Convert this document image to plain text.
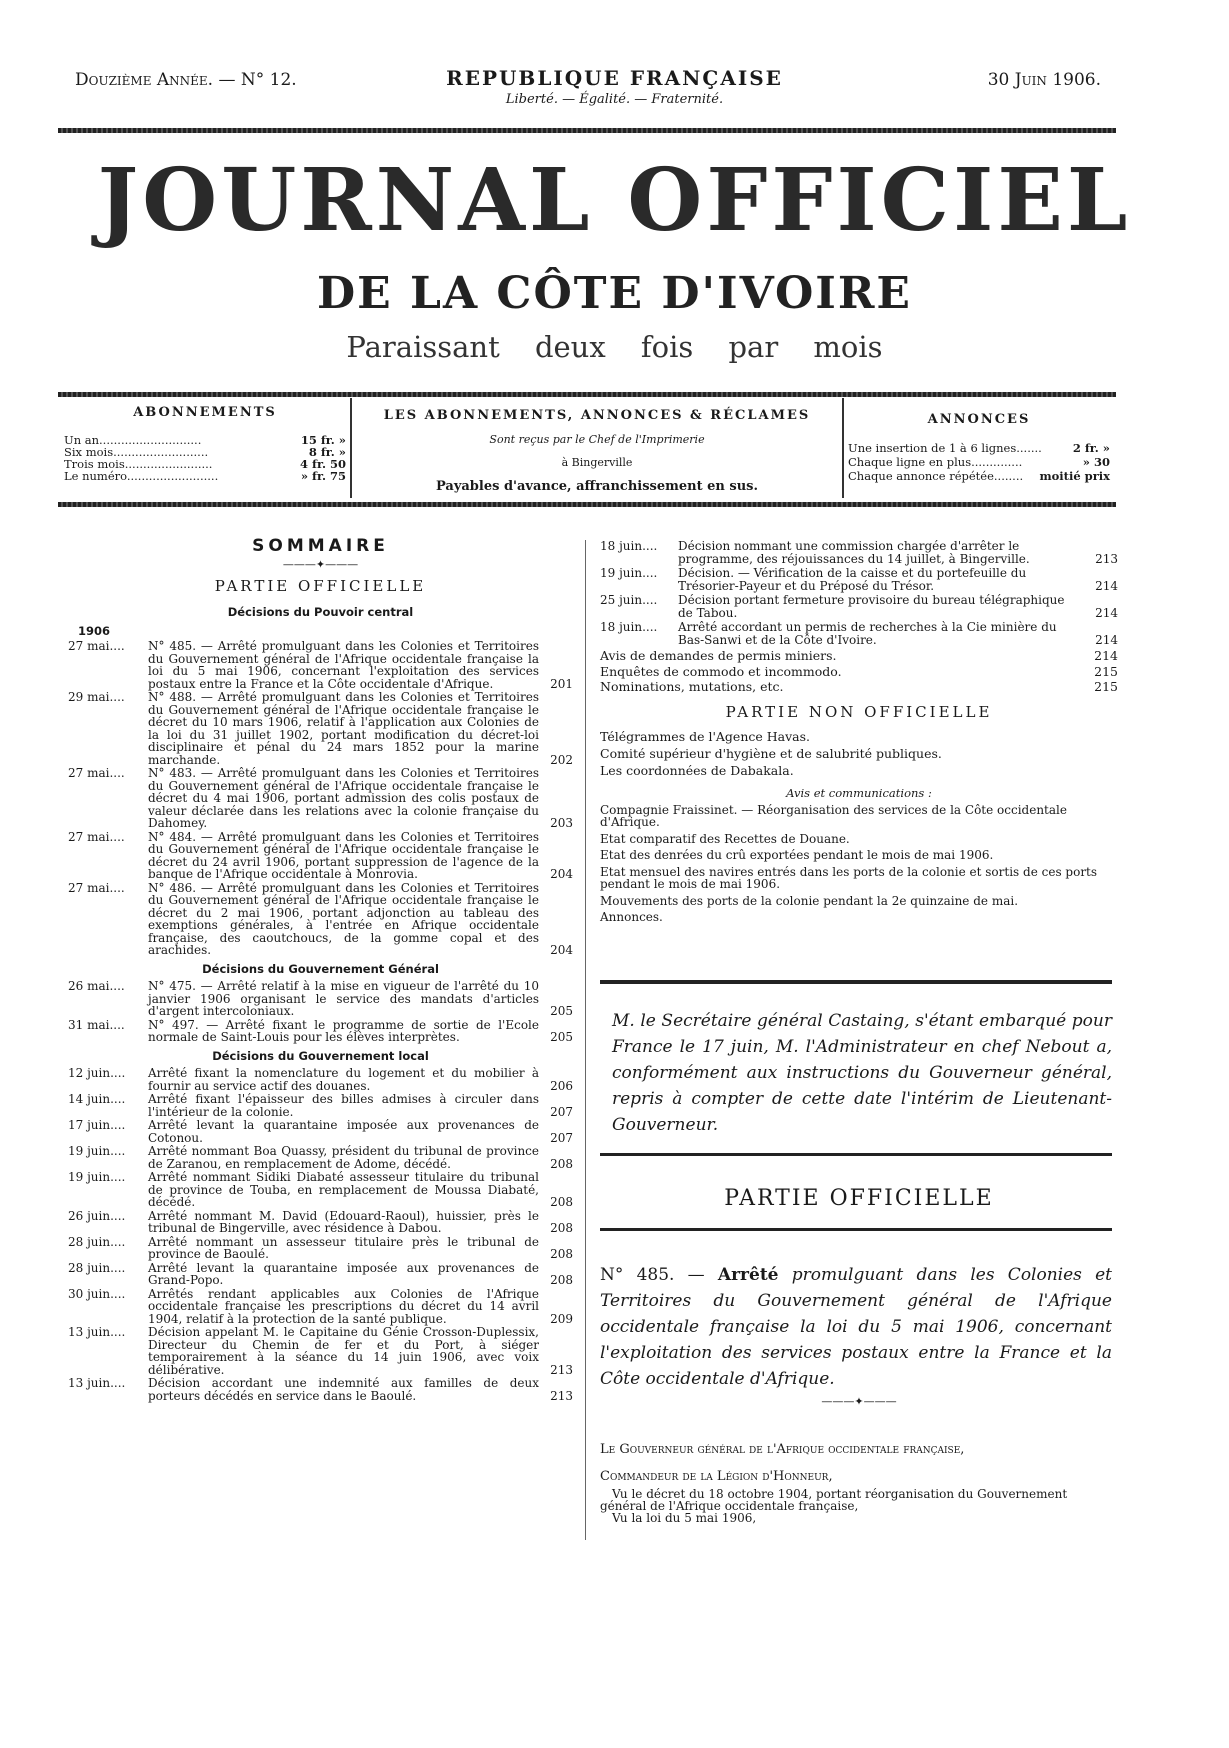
Douzième Année. — N° 12.	REPUBLIQUE FRANÇAISE
Liberté. — Égalité. — Fraternité.
30 Juin 1906.
JOURNAL OFFICIEL
DE LA CÔTE D'IVOIRE
Paraissant deux fois par mois
ABONNEMENTS
Un an............................	15 fr. »
Six mois..........................	8 fr. »
Trois mois........................	4 fr. 50
Le numéro.........................	» fr. 75
LES ABONNEMENTS, ANNONCES & RÉCLAMES
Sont reçus par le Chef de l'Imprimerie
à Bingerville
Payables d'avance, affranchissement en sus.
ANNONCES
Une insertion de 1 à 6 lignes.......	2 fr. »
Chaque ligne en plus..............	» 30
Chaque annonce répétée........ moitié prix
SOMMAIRE
———✦———
PARTIE OFFICIELLE
Décisions du Pouvoir central
1906
27 mai....	N° 485. — Arrêté promulguant dans les Colonies et Territoires du Gouvernement général de l'Afrique occidentale française la loi du 5 mai 1906, concernant l'exploitation des services postaux entre la France et la Côte occidentale d'Afrique.	201
29 mai....	N° 488. — Arrêté promulguant dans les Colonies et Territoires du Gouvernement général de l'Afrique occidentale française le décret du 10 mars 1906, relatif à l'application aux Colonies de la loi du 31 juillet 1902, portant modification du décret-loi disciplinaire et pénal du 24 mars 1852 pour la marine marchande.	202
27 mai....	N° 483. — Arrêté promulguant dans les Colonies et Territoires du Gouvernement général de l'Afrique occidentale française le décret du 4 mai 1906, portant admission des colis postaux de valeur déclarée dans les relations avec la colonie française du Dahomey.	203
27 mai....	N° 484. — Arrêté promulguant dans les Colonies et Territoires du Gouvernement général de l'Afrique occidentale française le décret du 24 avril 1906, portant suppression de l'agence de la banque de l'Afrique occidentale à Monrovia.	204
27 mai....	N° 486. — Arrêté promulguant dans les Colonies et Territoires du Gouvernement général de l'Afrique occidentale française le décret du 2 mai 1906, portant adjonction au tableau des exemptions générales, à l'entrée en Afrique occidentale française, des caoutchoucs, de la gomme copal et des arachides.	204
Décisions du Gouvernement Général
26 mai....	N° 475. — Arrêté relatif à la mise en vigueur de l'arrêté du 10 janvier 1906 organisant le service des mandats d'articles d'argent intercoloniaux.	205
31 mai....	N° 497. — Arrêté fixant le programme de sortie de l'Ecole normale de Saint-Louis pour les élèves interprètes.	205
Décisions du Gouvernement local
12 juin....	Arrêté fixant la nomenclature du logement et du mobilier à fournir au service actif des douanes.	206
14 juin....	Arrêté fixant l'épaisseur des billes admises à circuler dans l'intérieur de la colonie.	207
17 juin....	Arrêté levant la quarantaine imposée aux provenances de Cotonou.	207
19 juin....	Arrêté nommant Boa Quassy, président du tribunal de province de Zaranou, en remplacement de Adome, décédé.	208
19 juin....	Arrêté nommant Sidiki Diabaté assesseur titulaire du tribunal de province de Touba, en remplacement de Moussa Diabaté, décédé.	208
26 juin....	Arrêté nommant M. David (Edouard-Raoul), huissier, près le tribunal de Bingerville, avec résidence à Dabou.	208
28 juin....	Arrêté nommant un assesseur titulaire près le tribunal de province de Baoulé.	208
28 juin....	Arrêté levant la quarantaine imposée aux provenances de Grand-Popo.	208
30 juin....	Arrêtés rendant applicables aux Colonies de l'Afrique occidentale française les prescriptions du décret du 14 avril 1904, relatif à la protection de la santé publique.	209
13 juin....	Décision appelant M. le Capitaine du Génie Crosson-Duplessix, Directeur du Chemin de fer et du Port, à siéger temporairement à la séance du 14 juin 1906, avec voix délibérative.	213
13 juin....	Décision accordant une indemnité aux familles de deux porteurs décédés en service dans le Baoulé.	213
18 juin....	Décision nommant une commission chargée d'arrêter le programme, des réjouissances du 14 juillet, à Bingerville.	213
19 juin....	Décision. — Vérification de la caisse et du portefeuille du Trésorier-Payeur et du Préposé du Trésor.	214
25 juin....	Décision portant fermeture provisoire du bureau télégraphique de Tabou.	214
18 juin....	Arrêté accordant un permis de recherches à la Cie minière du Bas-Sanwi et de la Côte d'Ivoire.	214
Avis de demandes de permis miniers.	214
Enquêtes de commodo et incommodo.	215
Nominations, mutations, etc.	215
PARTIE NON OFFICIELLE
Télégrammes de l'Agence Havas.
Comité supérieur d'hygiène et de salubrité publiques.
Les coordonnées de Dabakala.
Avis et communications :
Compagnie Fraissinet. — Réorganisation des services de la Côte occidentale d'Afrique.
Etat comparatif des Recettes de Douane.
Etat des denrées du crû exportées pendant le mois de mai 1906.
Etat mensuel des navires entrés dans les ports de la colonie et sortis de ces ports pendant le mois de mai 1906.
Mouvements des ports de la colonie pendant la 2e quinzaine de mai.
Annonces.
M. le Secrétaire général Castaing, s'étant embarqué pour France le 17 juin, M. l'Administrateur en chef Nebout a, conformément aux instructions du Gouverneur général, repris à compter de cette date l'intérim de Lieutenant-Gouverneur.
PARTIE OFFICIELLE
N° 485. — Arrêté promulguant dans les Colonies et Territoires du Gouvernement général de l'Afrique occidentale française la loi du 5 mai 1906, concernant l'exploitation des services postaux entre la France et la Côte occidentale d'Afrique.
———✦———
Le Gouverneur général de l'Afrique occidentale française,
Commandeur de la Légion d'Honneur,
Vu le décret du 18 octobre 1904, portant réorganisation du Gouvernement général de l'Afrique occidentale française,
Vu la loi du 5 mai 1906,
